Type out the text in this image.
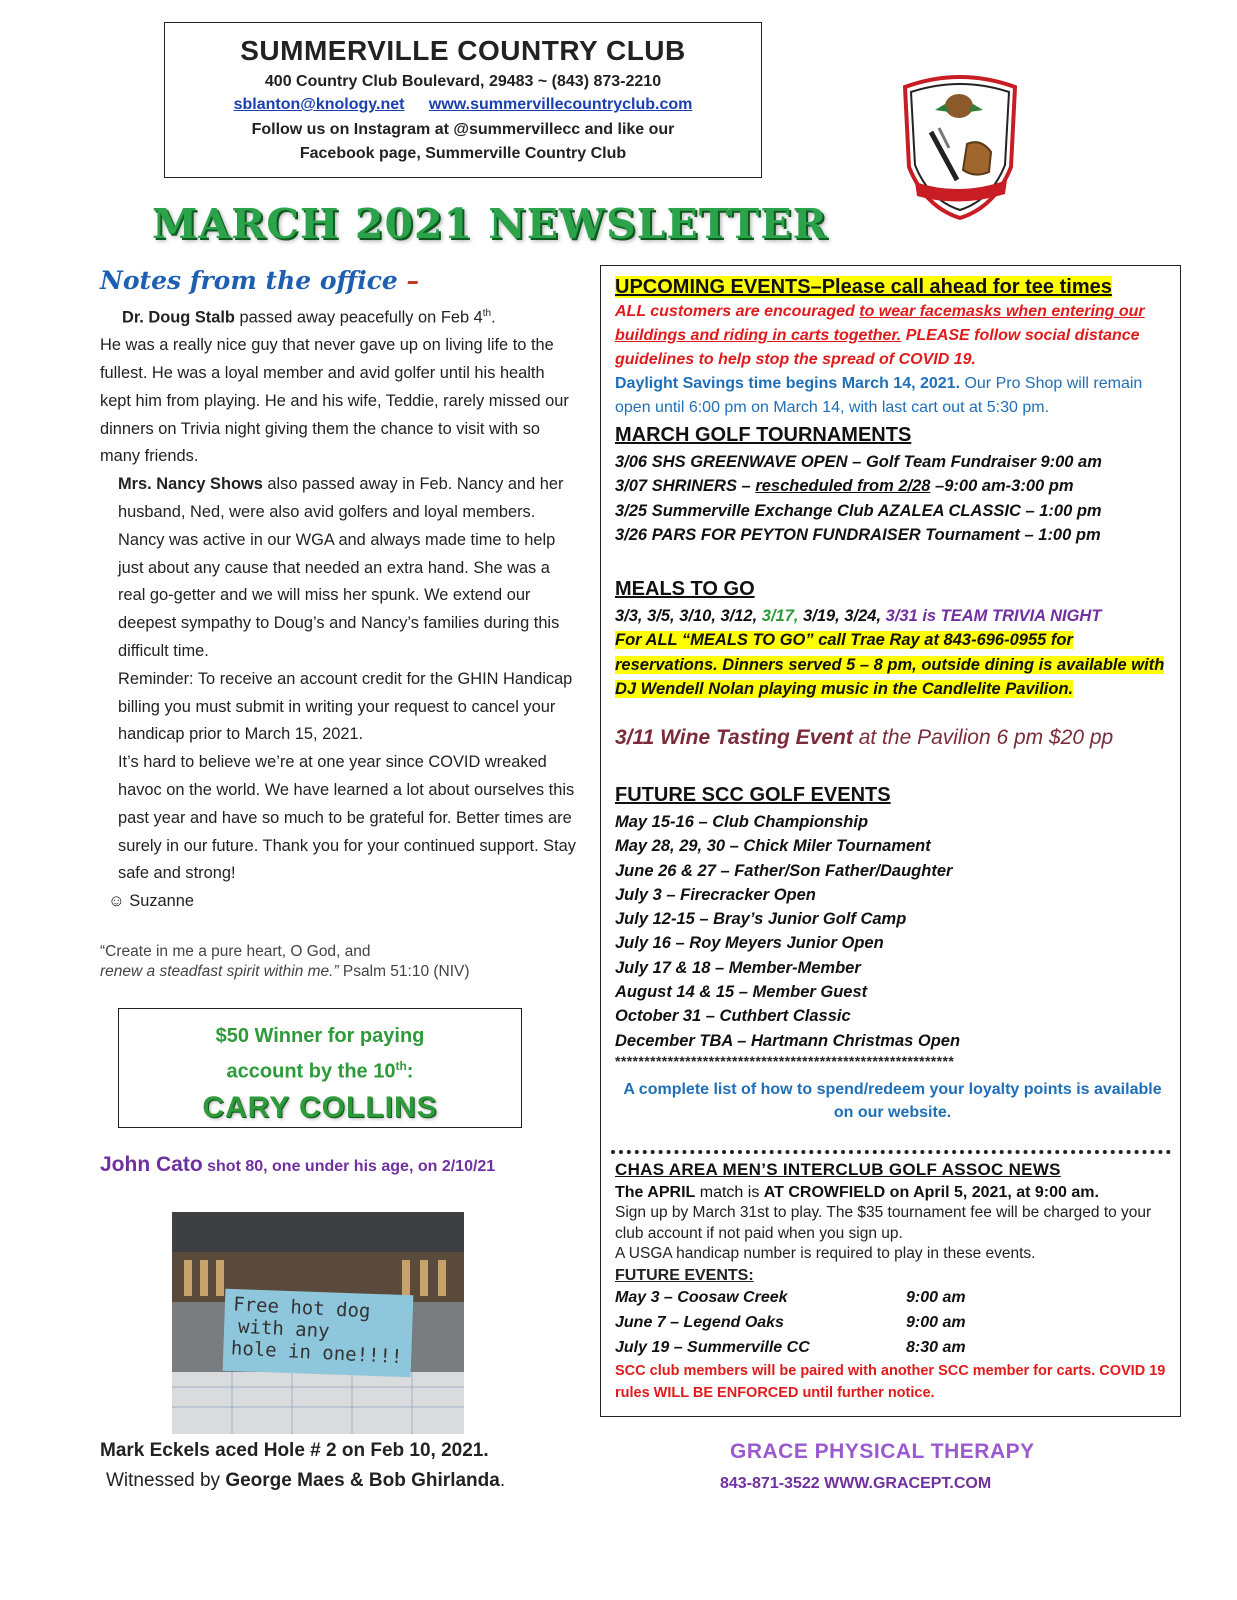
SUMMERVILLE COUNTRY CLUB
400 Country Club Boulevard, 29483 ~ (843) 873-2210
sblanton@knology.net www.summervillecountryclub.com
Follow us on Instagram at @summervillecc and like our
Facebook page, Summerville Country Club
MARCH 2021 NEWSLETTER
Notes from the office –

Dr. Doug Stalb passed away peacefully on Feb 4th.

He was a really nice guy that never gave up on living life to the fullest. He was a loyal member and avid golfer until his health kept him from playing. He and his wife, Teddie, rarely missed our dinners on Trivia night giving them the chance to visit with so many friends.

Mrs. Nancy Shows also passed away in Feb. Nancy and her husband, Ned, were also avid golfers and loyal members. Nancy was active in our WGA and always made time to help just about any cause that needed an extra hand. She was a real go-getter and we will miss her spunk. We extend our deepest sympathy to Doug’s and Nancy’s families during this difficult time.

Reminder: To receive an account credit for the GHIN Handicap billing you must submit in writing your request to cancel your handicap prior to March 15, 2021.

It’s hard to believe we’re at one year since COVID wreaked havoc on the world. We have learned a lot about ourselves this past year and have so much to be grateful for. Better times are surely in our future. Thank you for your continued support. Stay safe and strong!

☺ Suzanne

“Create in me a pure heart, O God, and
renew a steadfast spirit within me.” Psalm 51:10 (NIV)
$50 Winner for paying
account by the 10th:
CARY COLLINS
John Cato shot 80, one under his age, on 2/10/21
Free hot dog
with any
hole in one!!!!
Mark Eckels aced Hole # 2 on Feb 10, 2021.
Witnessed by George Maes & Bob Ghirlanda.
UPCOMING EVENTS–Please call ahead for tee times
ALL customers are encouraged to wear facemasks when entering our buildings and riding in carts together. PLEASE follow social distance guidelines to help stop the spread of COVID 19.
Daylight Savings time begins March 14, 2021. Our Pro Shop will remain open until 6:00 pm on March 14, with last cart out at 5:30 pm.
MARCH GOLF TOURNAMENTS
3/06 SHS GREENWAVE OPEN – Golf Team Fundraiser 9:00 am
3/07 SHRINERS – rescheduled from 2/28 –9:00 am-3:00 pm
3/25 Summerville Exchange Club AZALEA CLASSIC – 1:00 pm
3/26 PARS FOR PEYTON FUNDRAISER Tournament – 1:00 pm
MEALS TO GO
3/3, 3/5, 3/10, 3/12, 3/17, 3/19, 3/24, 3/31 is TEAM TRIVIA NIGHT
For ALL “MEALS TO GO” call Trae Ray at 843-696-0955 for reservations. Dinners served 5 – 8 pm, outside dining is available with DJ Wendell Nolan playing music in the Candlelite Pavilion.
3/11 Wine Tasting Event at the Pavilion 6 pm $20 pp
FUTURE SCC GOLF EVENTS
May 15-16 – Club Championship
May 28, 29, 30 – Chick Miler Tournament
June 26 & 27 – Father/Son Father/Daughter
July 3 – Firecracker Open
July 12-15 – Bray’s Junior Golf Camp
July 16 – Roy Meyers Junior Open
July 17 & 18 – Member-Member
August 14 & 15 – Member Guest
October 31 – Cuthbert Classic
December TBA – Hartmann Christmas Open
**********************************************************
A complete list of how to spend/redeem your loyalty points is available on our website.
CHAS AREA MEN’S INTERCLUB GOLF ASSOC NEWS
The APRIL match is AT CROWFIELD on April 5, 2021, at 9:00 am.
Sign up by March 31st to play. The $35 tournament fee will be charged to your club account if not paid when you sign up.
A USGA handicap number is required to play in these events.
FUTURE EVENTS:
May 3 – Coosaw Creek	9:00 am
June 7 – Legend Oaks	9:00 am
July 19 – Summerville CC	8:30 am
SCC club members will be paired with another SCC member for carts. COVID 19 rules WILL BE ENFORCED until further notice.
GRACE PHYSICAL THERAPY
843-871-3522 WWW.GRACEPT.COM
